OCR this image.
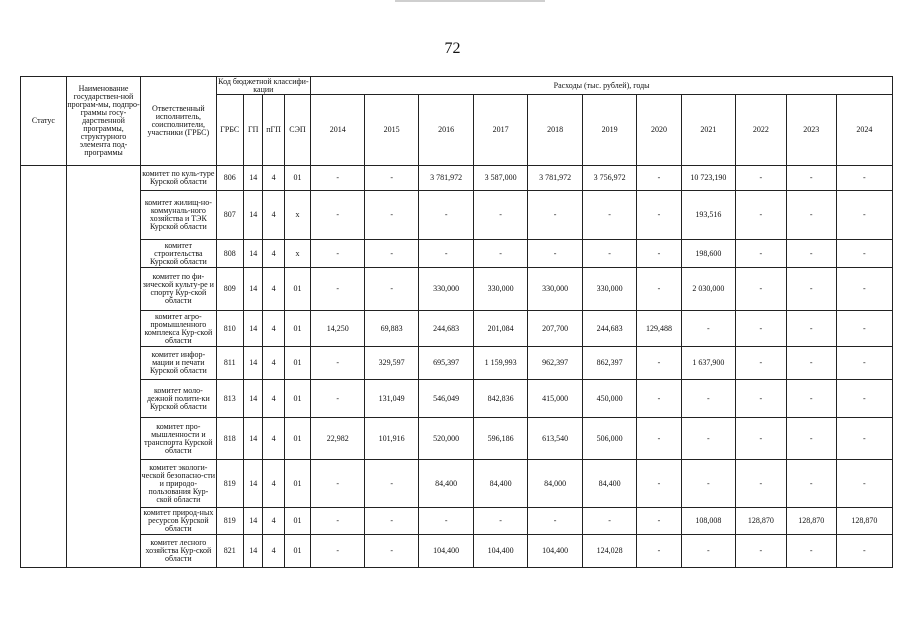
72
Статус	Наименование государствен-ной програм-мы, подпро-граммы госу-дарственной программы, структурного элемента под-программы	Ответственный исполнитель, соисполнители, участники (ГРБС)	Код бюджетной классифи-кации				Расходы (тыс. рублей), годы										
			ГРБС	ГП	пГП	СЭП	2014	2015	2016	2017	2018	2019	2020	2021	2022	2023	2024
		комитет по куль-туре Курской области	806	14	4	01	-	-	3 781,972	3 587,000	3 781,972	3 756,972	-	10 723,190	-	-	-
		комитет жилищ-но-коммуналь-ного хозяйства и ТЭК Курской области	807	14	4	x	-	-	-	-	-	-	-	193,516	-	-	-
		комитет строительства Курской области	808	14	4	x	-	-	-	-	-	-	-	198,600	-	-	-
		комитет по фи-зической культу-ре и спорту Кур-ской области	809	14	4	01	-	-	330,000	330,000	330,000	330,000	-	2 030,000	-	-	-
		комитет агро-промышленного комплекса Кур-ской области	810	14	4	01	14,250	69,883	244,683	201,084	207,700	244,683	129,488	-	-	-	-
		комитет инфор-мации и печати Курской области	811	14	4	01	-	329,597	695,397	1 159,993	962,397	862,397	-	1 637,900	-	-	-
		комитет моло-дежной полити-ки Курской области	813	14	4	01	-	131,049	546,049	842,836	415,000	450,000	-	-	-	-	-
		комитет про-мышленности и транспорта Курской области	818	14	4	01	22,982	101,916	520,000	596,186	613,540	506,000	-	-	-	-	-
		комитет экологи-ческой безопасно-сти и природо-пользования Кур-ской области	819	14	4	01	-	-	84,400	84,400	84,000	84,400	-	-	-	-	-
		комитет природ-ных ресурсов Курской области	819	14	4	01	-	-	-	-	-	-	-	108,008	128,870	128,870	128,870
		комитет лесного хозяйства Кур-ской области	821	14	4	01	-	-	104,400	104,400	104,400	124,028	-	-	-	-	-
